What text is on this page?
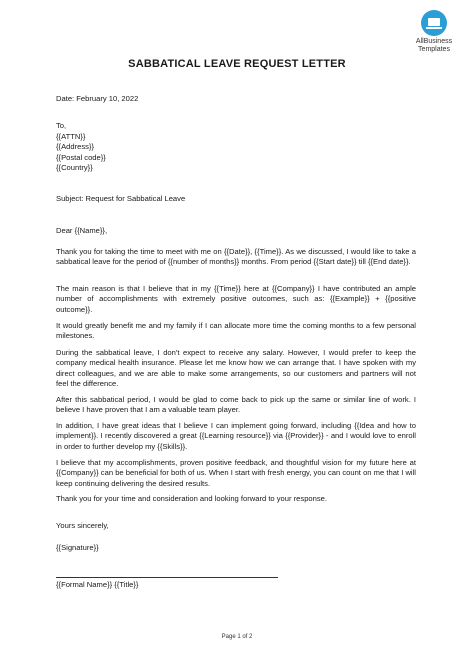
AllBusiness
Templates
SABBATICAL LEAVE REQUEST LETTER
Date: February 10, 2022
To,
{{ATTN}}
{{Address}}
{{Postal code}}
{{Country}}
Subject: Request for Sabbatical Leave
Dear {{Name}},
Thank you for taking the time to meet with me on {{Date}}, {{Time}}. As we discussed, I would like to take a sabbatical leave for the period of {{number of months}} months. From period {{Start date}} till {{End date}}.
The main reason is that I believe that in my {{Time}} here at {{Company}} I have contributed an ample number of accomplishments with extremely positive outcomes, such as: {{Example}} + {{positive outcome}}.
It would greatly benefit me and my family if I can allocate more time the coming months to a few personal milestones.
During the sabbatical leave, I don't expect to receive any salary. However, I would prefer to keep the company medical health insurance. Please let me know how we can arrange that. I have spoken with my direct colleagues, and we are able to make some arrangements, so our customers and partners will not feel the difference.
After this sabbatical period, I would be glad to come back to pick up the same or similar line of work. I believe I have proven that I am a valuable team player.
In addition, I have great ideas that I believe I can implement going forward, including {{Idea and how to implement}}. I recently discovered a great {{Learning resource}} via {{Provider}} - and I would love to enroll in order to further develop my {{Skills}}.
I believe that my accomplishments, proven positive feedback, and thoughtful vision for my future here at {{Company}} can be beneficial for both of us. When I start with fresh energy, you can count on me that I will keep continuing delivering the desired results.
Thank you for your time and consideration and looking forward to your response.
Yours sincerely,
{{Signature}}
{{Formal Name}} {{Title}}
Page 1 of 2
